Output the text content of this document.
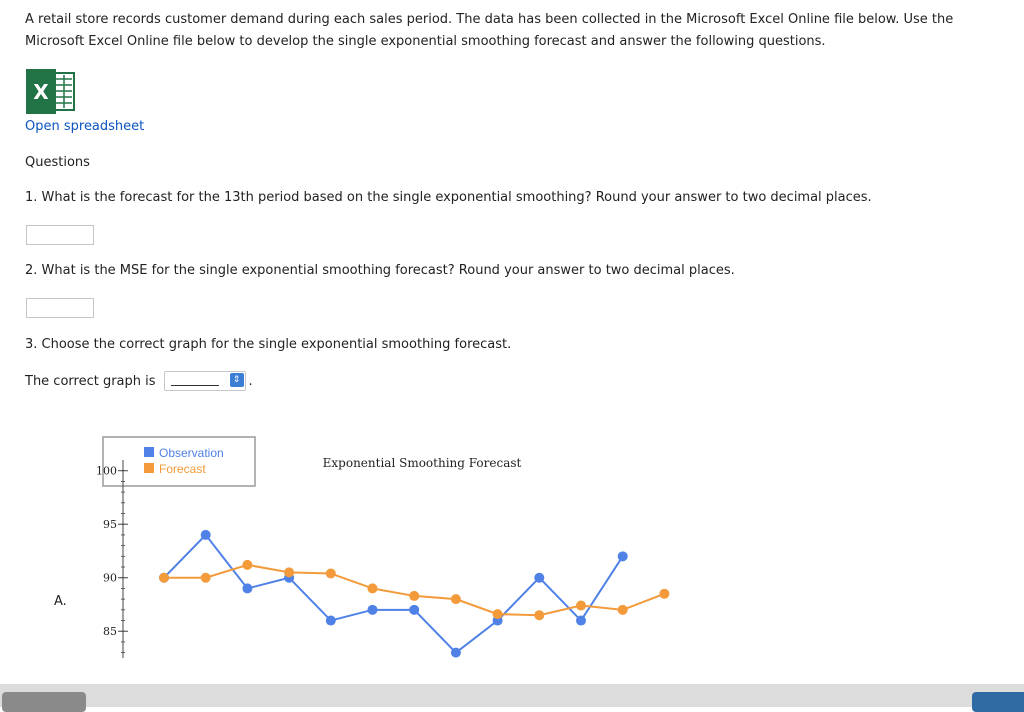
A retail store records customer demand during each sales period. The data has been collected in the Microsoft Excel Online file below. Use the Microsoft Excel Online file below to develop the single exponential smoothing forecast and answer the following questions.
X
Open spreadsheet
Questions
1. What is the forecast for the 13th period based on the single exponential smoothing? Round your answer to two decimal places.
2. What is the MSE for the single exponential smoothing forecast? Round your answer to two decimal places.
3. Choose the correct graph for the single exponential smoothing forecast.
The correct graph is	⇕ .
A.
Observation
Forecast	Exponential Smoothing Forecast
100
95
90
85
